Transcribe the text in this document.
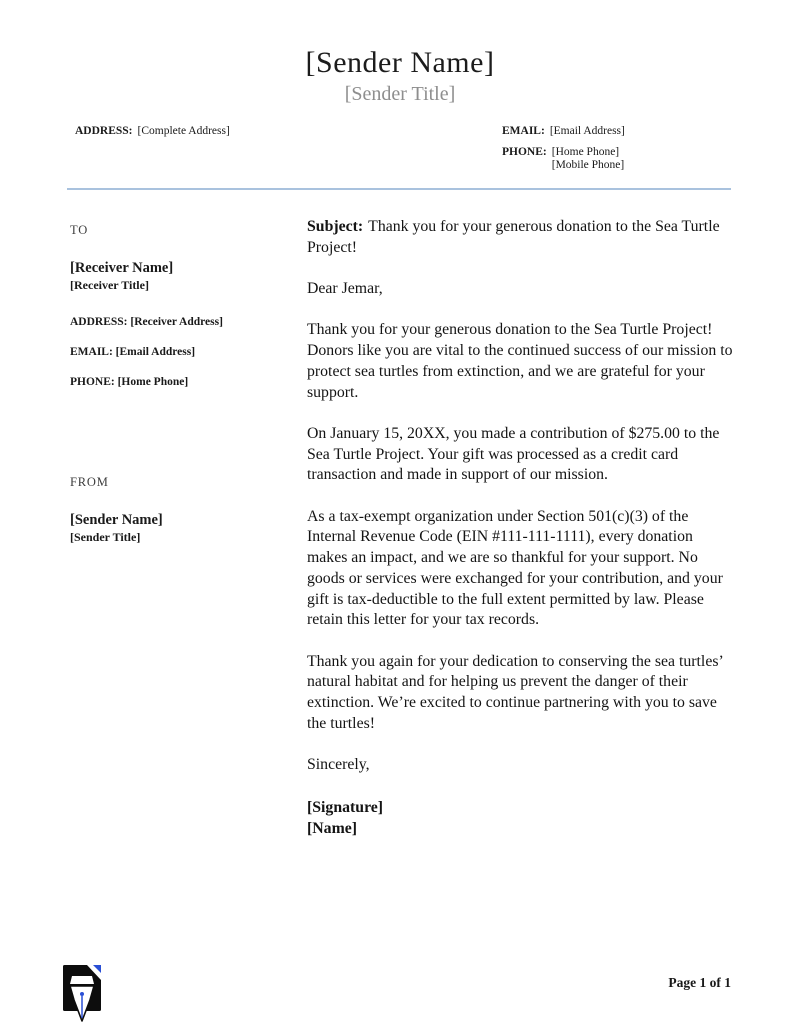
[Sender Name]
[Sender Title]
ADDRESS: [Complete Address]	EMAIL: [Email Address]
PHONE: [Home Phone]
[Mobile Phone]
TO
[Receiver Name]
[Receiver Title]
ADDRESS: [Receiver Address]
EMAIL: [Email Address]
PHONE: [Home Phone]
FROM
[Sender Name]
[Sender Title]

Subject: Thank you for your generous donation to the Sea Turtle Project!

Dear Jemar,

Thank you for your generous donation to the Sea Turtle Project! Donors like you are vital to the continued success of our mission to protect sea turtles from extinction, and we are grateful for your support.

On January 15, 20XX, you made a contribution of $275.00 to the Sea Turtle Project. Your gift was processed as a credit card transaction and made in support of our mission.

As a tax-exempt organization under Section 501(c)(3) of the Internal Revenue Code (EIN #111-111-1111), every donation makes an impact, and we are so thankful for your support. No goods or services were exchanged for your contribution, and your gift is tax-deductible to the full extent permitted by law. Please retain this letter for your tax records.

Thank you again for your dedication to conserving the sea turtles’ natural habitat and for helping us prevent the danger of their extinction. We’re excited to continue partnering with you to save the turtles!

Sincerely,

[Signature]

[Name]

Page 1 of 1
